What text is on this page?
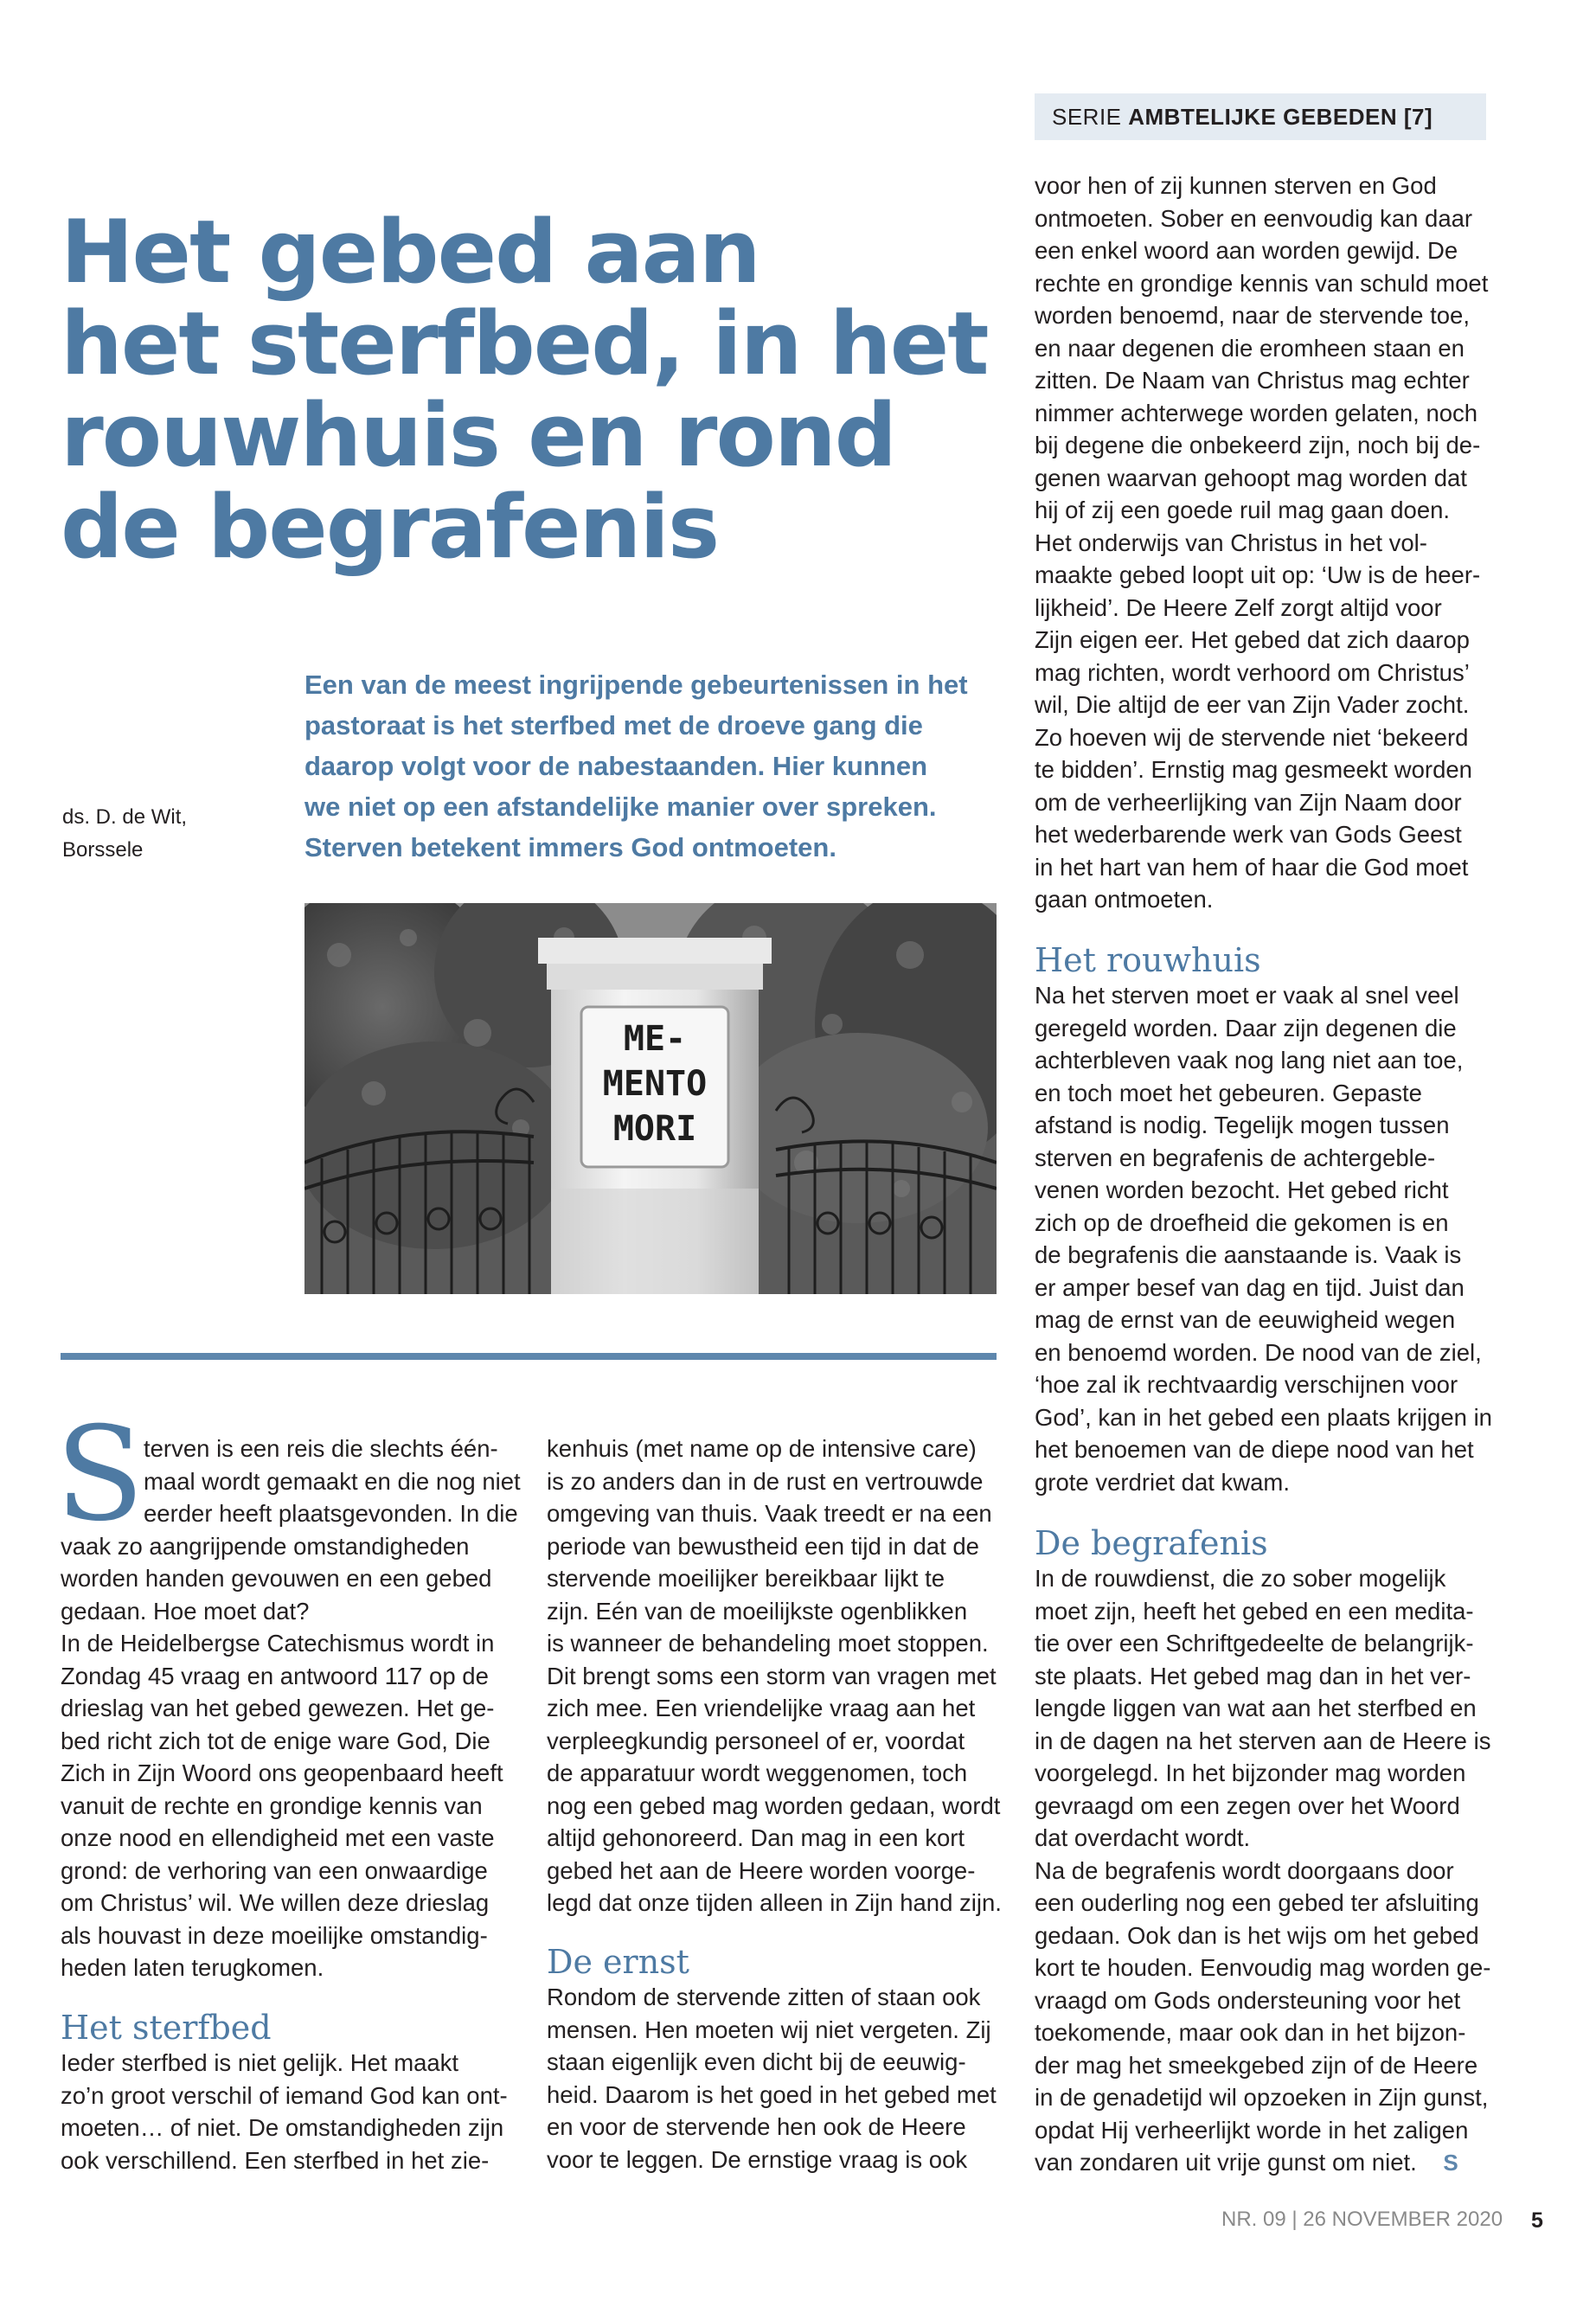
SERIE AMBTELIJKE GEBEDEN [7]
Het gebed aan
het sterfbed, in het
rouwhuis en rond
de begrafenis
ds. D. de Wit,
Borssele
Een van de meest ingrijpende gebeurtenissen in het
pastoraat is het sterfbed met de droeve gang die
daarop volgt voor de nabestaanden. Hier kunnen
we niet op een afstandelijke manier over spreken.
Sterven betekent immers God ontmoeten.
ME-
MENTO
MORI
S terven is een reis die slechts één-
maal wordt gemaakt en die nog niet
eerder heeft plaatsgevonden. In die
vaak zo aangrijpende omstandigheden
worden handen gevouwen en een gebed
gedaan. Hoe moet dat?
In de Heidelbergse Catechismus wordt in
Zondag 45 vraag en antwoord 117 op de
drieslag van het gebed gewezen. Het ge-
bed richt zich tot de enige ware God, Die
Zich in Zijn Woord ons geopenbaard heeft
vanuit de rechte en grondige kennis van
onze nood en ellendigheid met een vaste
grond: de verhoring van een onwaardige
om Christus’ wil. We willen deze drieslag
als houvast in deze moeilijke omstandig-
heden laten terugkomen.
Het sterfbed
Ieder sterfbed is niet gelijk. Het maakt
zo’n groot verschil of iemand God kan ont-
moeten… of niet. De omstandigheden zijn
ook verschillend. Een sterfbed in het zie-
kenhuis (met name op de intensive care)
is zo anders dan in de rust en vertrouwde
omgeving van thuis. Vaak treedt er na een
periode van bewustheid een tijd in dat de
stervende moeilijker bereikbaar lijkt te
zijn. Eén van de moeilijkste ogenblikken
is wanneer de behandeling moet stoppen.
Dit brengt soms een storm van vragen met
zich mee. Een vriendelijke vraag aan het
verpleegkundig personeel of er, voordat
de apparatuur wordt weggenomen, toch
nog een gebed mag worden gedaan, wordt
altijd gehonoreerd. Dan mag in een kort
gebed het aan de Heere worden voorge-
legd dat onze tijden alleen in Zijn hand zijn.
De ernst
Rondom de stervende zitten of staan ook
mensen. Hen moeten wij niet vergeten. Zij
staan eigenlijk even dicht bij de eeuwig-
heid. Daarom is het goed in het gebed met
en voor de stervende hen ook de Heere
voor te leggen. De ernstige vraag is ook
voor hen of zij kunnen sterven en God
ontmoeten. Sober en eenvoudig kan daar
een enkel woord aan worden gewijd. De
rechte en grondige kennis van schuld moet
worden benoemd, naar de stervende toe,
en naar degenen die eromheen staan en
zitten. De Naam van Christus mag echter
nimmer achterwege worden gelaten, noch
bij degene die onbekeerd zijn, noch bij de-
genen waarvan gehoopt mag worden dat
hij of zij een goede ruil mag gaan doen.
Het onderwijs van Christus in het vol-
maakte gebed loopt uit op: ‘Uw is de heer-
lijkheid’. De Heere Zelf zorgt altijd voor
Zijn eigen eer. Het gebed dat zich daarop
mag richten, wordt verhoord om Christus’
wil, Die altijd de eer van Zijn Vader zocht.
Zo hoeven wij de stervende niet ‘bekeerd
te bidden’. Ernstig mag gesmeekt worden
om de verheerlijking van Zijn Naam door
het wederbarende werk van Gods Geest
in het hart van hem of haar die God moet
gaan ontmoeten.
Het rouwhuis
Na het sterven moet er vaak al snel veel
geregeld worden. Daar zijn degenen die
achterbleven vaak nog lang niet aan toe,
en toch moet het gebeuren. Gepaste
afstand is nodig. Tegelijk mogen tussen
sterven en begrafenis de achtergeble-
venen worden bezocht. Het gebed richt
zich op de droefheid die gekomen is en
de begrafenis die aanstaande is. Vaak is
er amper besef van dag en tijd. Juist dan
mag de ernst van de eeuwigheid wegen
en benoemd worden. De nood van de ziel,
‘hoe zal ik rechtvaardig verschijnen voor
God’, kan in het gebed een plaats krijgen in
het benoemen van de diepe nood van het
grote verdriet dat kwam.
De begrafenis
In de rouwdienst, die zo sober mogelijk
moet zijn, heeft het gebed en een medita-
tie over een Schriftgedeelte de belangrijk-
ste plaats. Het gebed mag dan in het ver-
lengde liggen van wat aan het sterfbed en
in de dagen na het sterven aan de Heere is
voorgelegd. In het bijzonder mag worden
gevraagd om een zegen over het Woord
dat overdacht wordt.
Na de begrafenis wordt doorgaans door
een ouderling nog een gebed ter afsluiting
gedaan. Ook dan is het wijs om het gebed
kort te houden. Eenvoudig mag worden ge-
vraagd om Gods ondersteuning voor het
toekomende, maar ook dan in het bijzon-
der mag het smeekgebed zijn of de Heere
in de genadetijd wil opzoeken in Zijn gunst,
opdat Hij verheerlijkt worde in het zaligen
van zondaren uit vrije gunst om niet. S
NR. 09 | 26 NOVEMBER 2020 5
